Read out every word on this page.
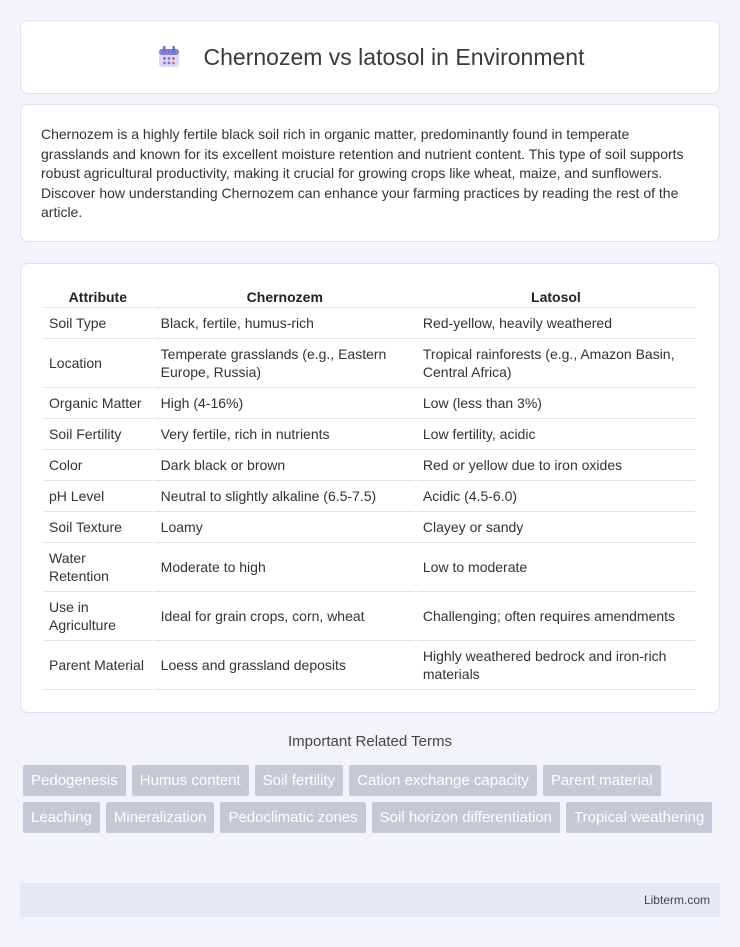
Chernozem vs latosol in Environment

Chernozem is a highly fertile black soil rich in organic matter, predominantly found in temperate grasslands and known for its excellent moisture retention and nutrient content. This type of soil supports robust agricultural productivity, making it crucial for growing crops like wheat, maize, and sunflowers. Discover how understanding Chernozem can enhance your farming practices by reading the rest of the article.

Attribute	Chernozem	Latosol
Soil Type	Black, fertile, humus-rich	Red-yellow, heavily weathered
Location	Temperate grasslands (e.g., Eastern Europe, Russia)	Tropical rainforests (e.g., Amazon Basin, Central Africa)
Organic Matter	High (4-16%)	Low (less than 3%)
Soil Fertility	Very fertile, rich in nutrients	Low fertility, acidic
Color	Dark black or brown	Red or yellow due to iron oxides
pH Level	Neutral to slightly alkaline (6.5-7.5)	Acidic (4.5-6.0)
Soil Texture	Loamy	Clayey or sandy
Water Retention	Moderate to high	Low to moderate
Use in Agriculture	Ideal for grain crops, corn, wheat	Challenging; often requires amendments
Parent Material	Loess and grassland deposits	Highly weathered bedrock and iron-rich materials
Important Related Terms
Pedogenesis	Humus content	Soil fertility	Cation exchange capacity	Parent material
Leaching	Mineralization	Pedoclimatic zones	Soil horizon differentiation	Tropical weathering
Libterm.com
